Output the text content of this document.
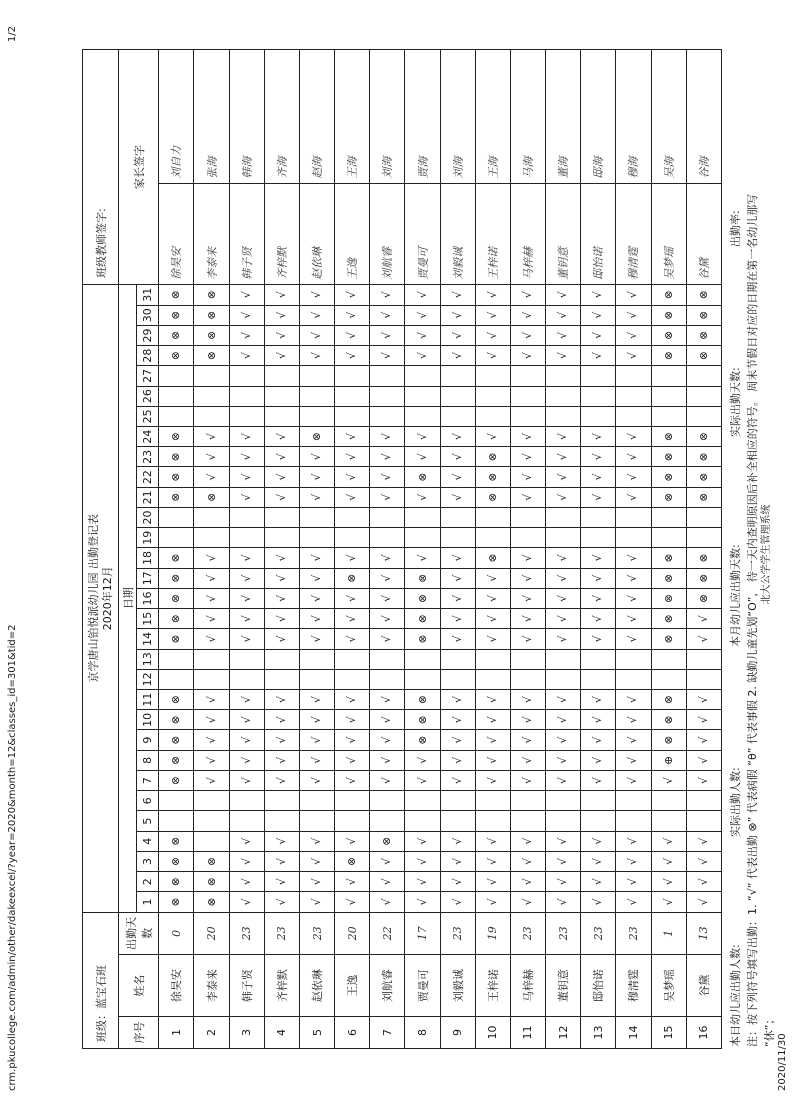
2020/11/30
北大公学学生管理系统
班级：蓝宝石班			京学唐山铂悦派幼儿园 出勤登记表 2020年12月																															班级教师签字:	
序号	姓名	出勤天数	日期																															家长签字	
			1	2	3	4	5	6	7	8	9	10	11	12	13	14	15	16	17	18	19	20	21	22	23	24	25	26	27	28	29	30	31		
1	徐昊安	0	⊗	⊗	⊗	⊗			⊗	⊗	⊗	⊗	⊗			⊗	⊗	⊗	⊗	⊗			⊗	⊗	⊗	⊗				⊗	⊗	⊗	⊗	徐昊安	刘自力
2	李泰来	20	⊗	⊗	⊗				√	√	√	√	√			√	√	√	√	√			⊗	√	√	√				⊗	⊗	⊗	⊗	李泰来	张海
3	韩子贤	23	√	√	√	√			√	√	√	√	√			√	√	√	√	√			√	√	√	√				√	√	√	√	韩子贤	韩海
4	齐梓默	23	√	√	√	√			√	√	√	√	√			√	√	√	√	√			√	√	√	√				√	√	√	√	齐梓默	齐海
5	赵依琳	23	√	√	√	√			√	√	√	√	√			√	√	√	√	√			√	√	√	⊗				√	√	√	√	赵依琳	赵海
6	王逸	20	√	√	⊗	√			√	√	√	√	√			√	√	√	⊗	√			√	√	√	√				√	√	√	√	王逸	王海
7	刘航睿	22	√	√	√	⊗			√	√	√	√	√			√	√	√	√	√			√	√	√	√				√	√	√	√	刘航睿	刘海
8	贾曼可	17	√	√	√	√			√	√	⊗	⊗	⊗			⊗	⊗	⊗	⊗	√			√	⊗	√	√				√	√	√	√	贾曼可	贾海
9	刘毅诚	23	√	√	√	√			√	√	√	√	√			√	√	√	√	√			√	√	√	√				√	√	√	√	刘毅诚	刘海
10	王梓诺	19	√	√	√	√			√	√	√	√	√			√	√	√	√	⊗			⊗	⊗	⊗	√				√	√	√	√	王梓诺	王海
11	马梓赫	23	√	√	√	√			√	√	√	√	√			√	√	√	√	√			√	√	√	√				√	√	√	√	马梓赫	马海
12	董钥意	23	√	√	√	√			√	√	√	√	√			√	√	√	√	√			√	√	√	√				√	√	√	√	董钥意	董海
13	邸怡诺	23	√	√	√	√			√	√	√	√	√			√	√	√	√	√			√	√	√	√				√	√	√	√	邸怡诺	邸海
14	穆清霆	23	√	√	√	√			√	√	√	√	√			√	√	√	√	√			√	√	√	√				√	√	√	√	穆清霆	穆海
15	吴梦瑶	1	√	√	√	√			√	⊕	⊗	⊗	⊗			⊗	⊗	⊗	⊗	⊗			⊗	⊗	⊗	⊗				⊗	⊗	⊗	⊗	吴梦瑶	吴海
16	谷黛	13	√	√	√	√			√	√	√	√	√			√	√	⊗	⊗	⊗			⊗	⊗	⊗	⊗				⊗	⊗	⊗	⊗	谷黛	谷海
本日幼儿应出勤人数:实际出勤人数:本月幼儿应出勤天数:实际出勤天数:出勤率: 注：按下列符号填写出勤：1. “√” 代表出勤 ⊗” 代表病假 “θ” 代表事假 2. 缺勤儿童先划“O”， 待一天内查明原因后补全相应的符号。 周末节假日对应的日期在第一名幼儿那写 “休”；
crm.pkucollege.com/admin/other/dakeexcel/?year=2020&month=12&classes_id=301&tid=2
1/2
